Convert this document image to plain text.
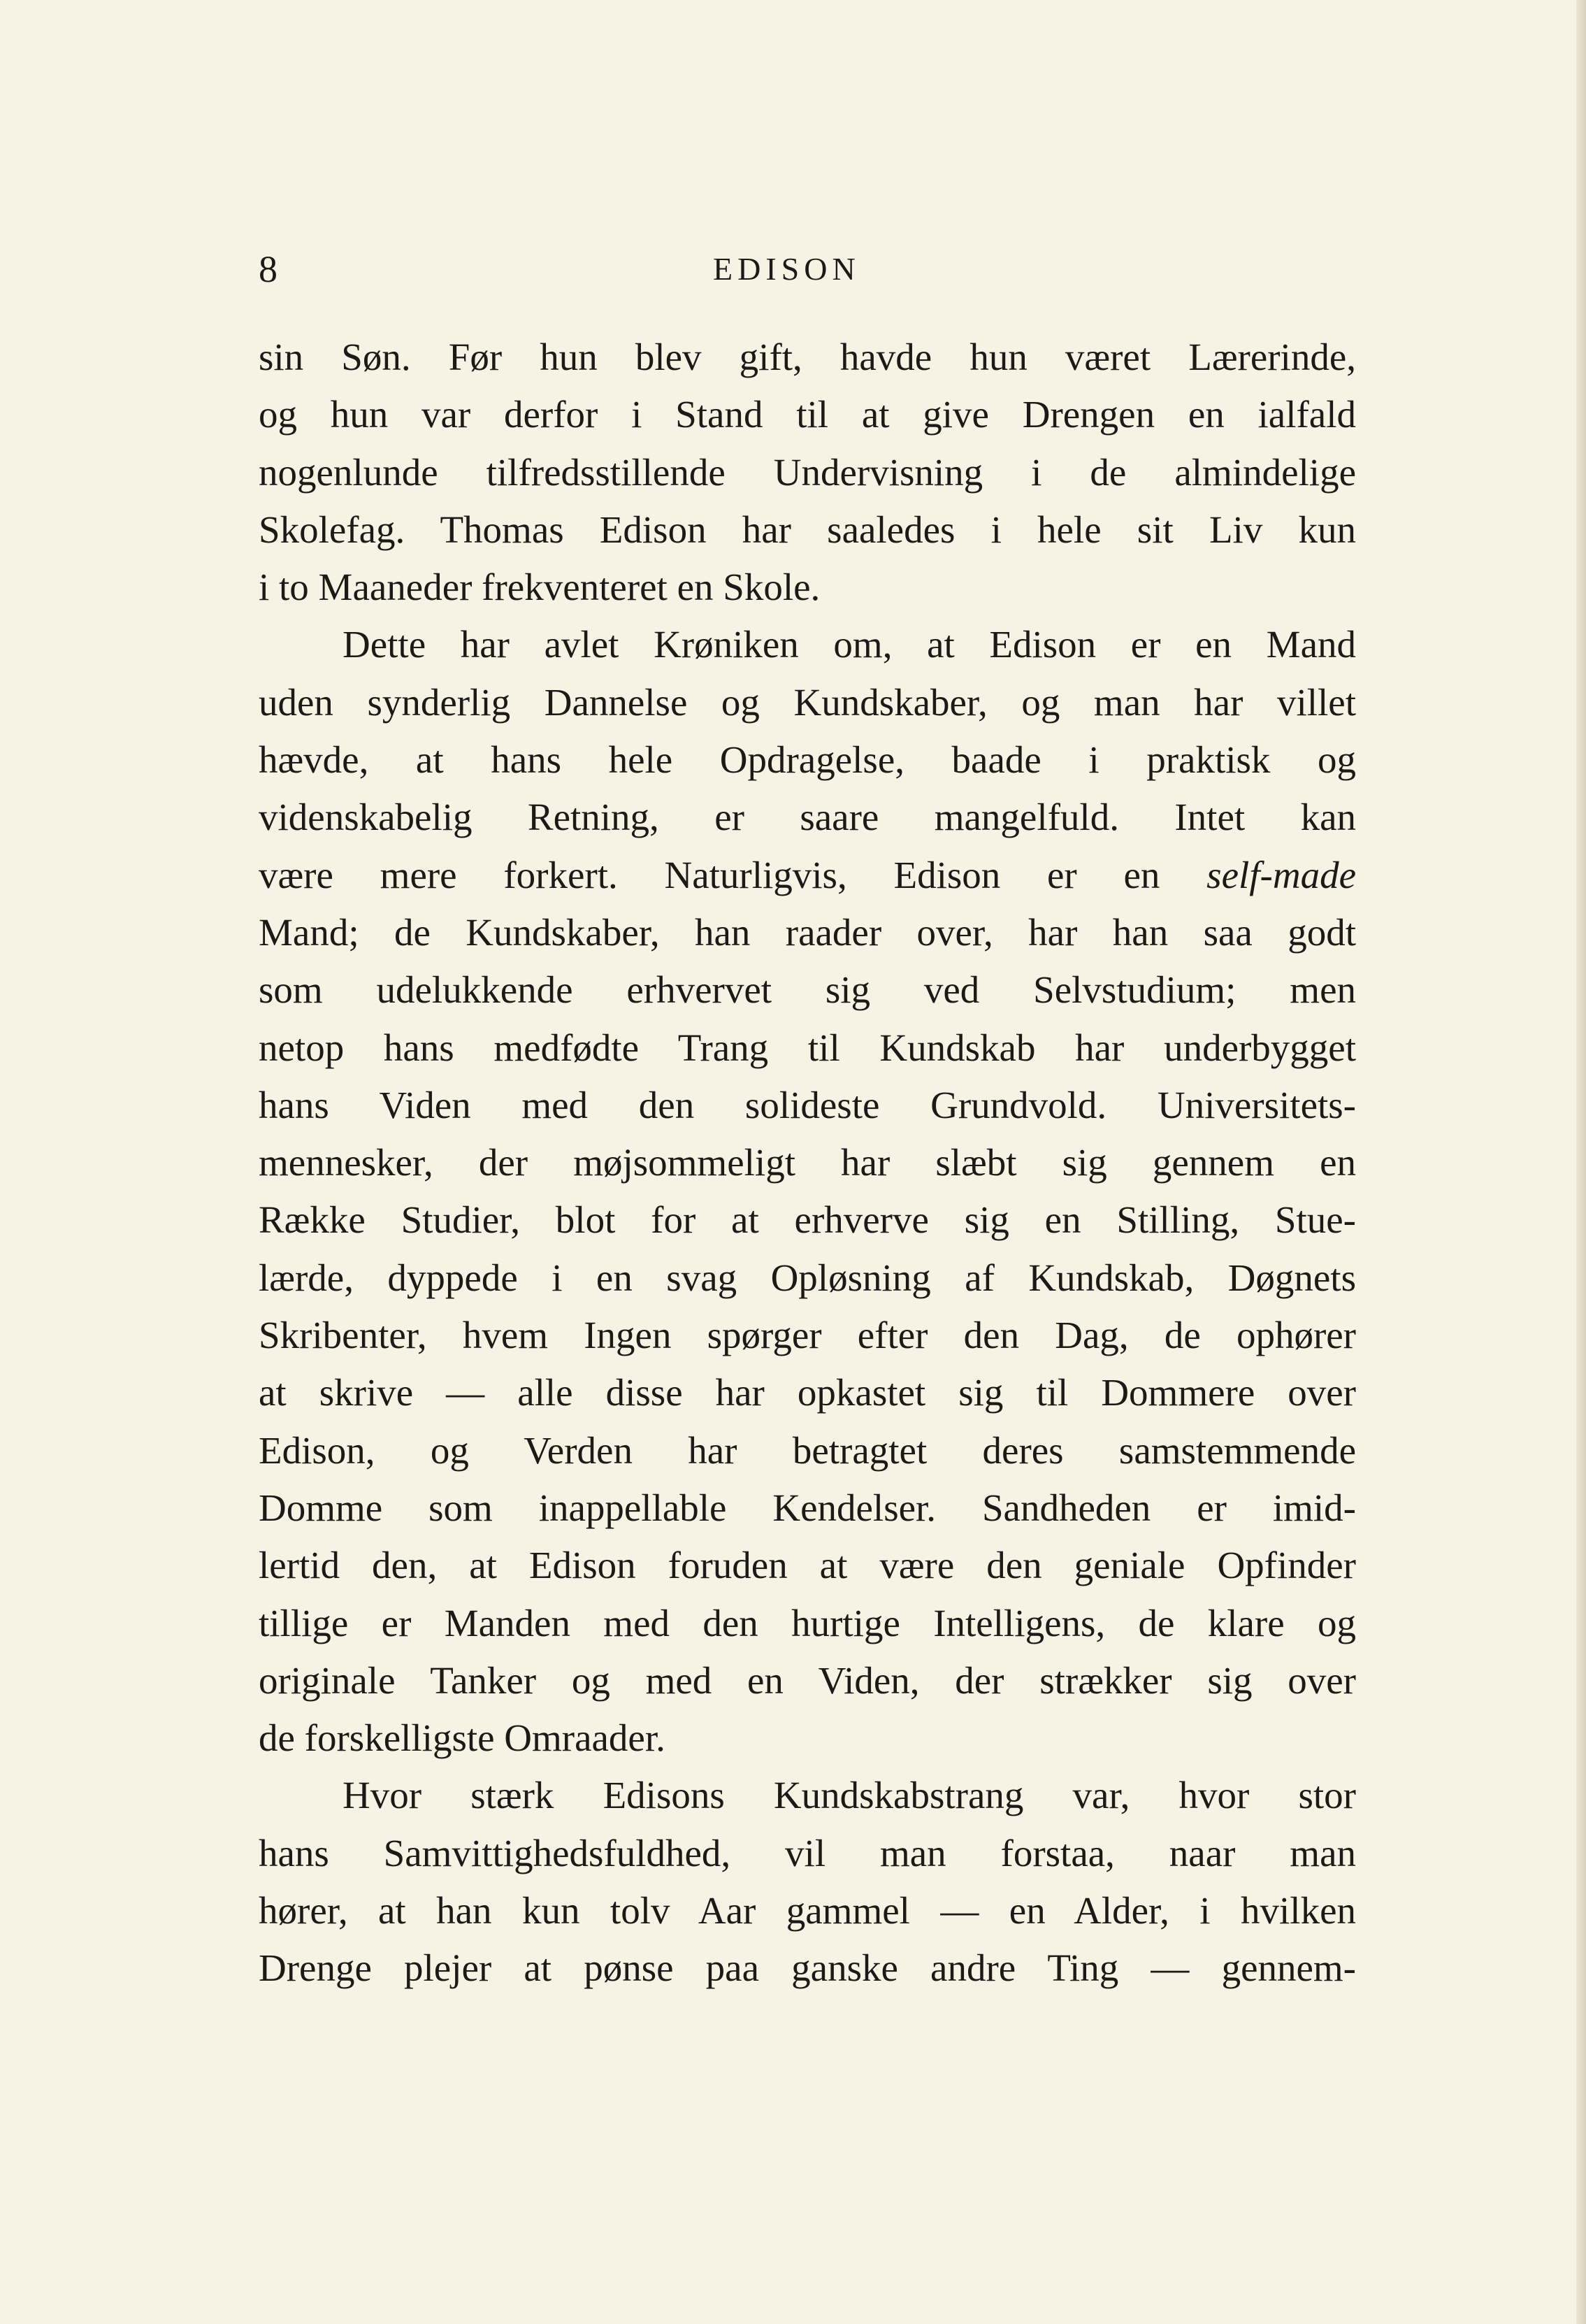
8	EDISON
sin Søn. Før hun blev gift, havde hun været Lærerinde,
og hun var derfor i Stand til at give Drengen en ialfald
nogenlunde tilfredsstillende Undervisning i de almindelige
Skolefag. Thomas Edison har saaledes i hele sit Liv kun
i to Maaneder frekventeret en Skole.
Dette har avlet Krøniken om, at Edison er en Mand
uden synderlig Dannelse og Kundskaber, og man har villet
hævde, at hans hele Opdragelse, baade i praktisk og
videnskabelig Retning, er saare mangelfuld. Intet kan
være mere forkert. Naturligvis, Edison er en self-made
Mand; de Kundskaber, han raader over, har han saa godt
som udelukkende erhvervet sig ved Selvstudium; men
netop hans medfødte Trang til Kundskab har underbygget
hans Viden med den solideste Grundvold. Universitets-
mennesker, der møjsommeligt har slæbt sig gennem en
Række Studier, blot for at erhverve sig en Stilling, Stue-
lærde, dyppede i en svag Opløsning af Kundskab, Døgnets
Skribenter, hvem Ingen spørger efter den Dag, de ophører
at skrive — alle disse har opkastet sig til Dommere over
Edison, og Verden har betragtet deres samstemmende
Domme som inappellable Kendelser. Sandheden er imid-
lertid den, at Edison foruden at være den geniale Opfinder
tillige er Manden med den hurtige Intelligens, de klare og
originale Tanker og med en Viden, der strækker sig over
de forskelligste Omraader.
Hvor stærk Edisons Kundskabstrang var, hvor stor
hans Samvittighedsfuldhed, vil man forstaa, naar man
hører, at han kun tolv Aar gammel — en Alder, i hvilken
Drenge plejer at pønse paa ganske andre Ting — gennem-
